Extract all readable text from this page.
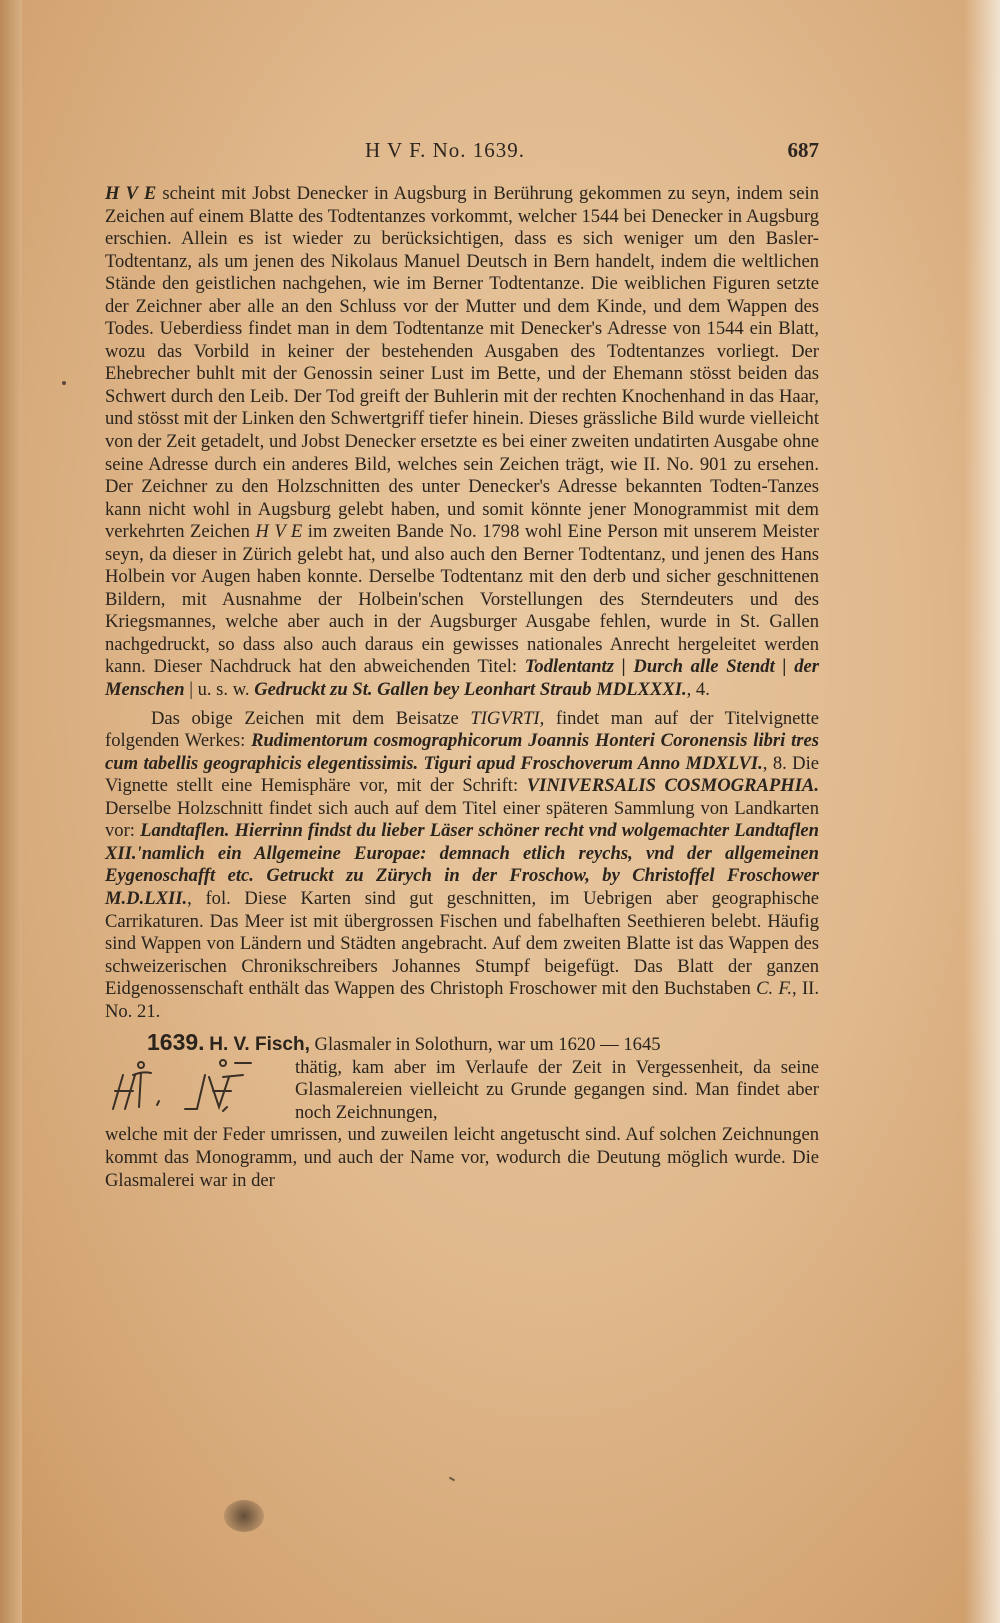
H V F. No. 1639.	687

H V E scheint mit Jobst Denecker in Augsburg in Berührung gekommen zu seyn, indem sein Zeichen auf einem Blatte des Todtentanzes vorkommt, welcher 1544 bei Denecker in Augsburg erschien. Allein es ist wieder zu berücksichtigen, dass es sich weniger um den Basler-Todtentanz, als um jenen des Nikolaus Manuel Deutsch in Bern handelt, indem die weltlichen Stände den geistlichen nachgehen, wie im Berner Todtentanze. Die weiblichen Figuren setzte der Zeichner aber alle an den Schluss vor der Mutter und dem Kinde, und dem Wappen des Todes. Ueberdiess findet man in dem Todtentanze mit Denecker's Adresse von 1544 ein Blatt, wozu das Vorbild in keiner der bestehenden Ausgaben des Todtentanzes vorliegt. Der Ehebrecher buhlt mit der Genossin seiner Lust im Bette, und der Ehemann stösst beiden das Schwert durch den Leib. Der Tod greift der Buhlerin mit der rechten Knochenhand in das Haar, und stösst mit der Linken den Schwertgriff tiefer hinein. Dieses grässliche Bild wurde vielleicht von der Zeit getadelt, und Jobst Denecker ersetzte es bei einer zweiten undatirten Ausgabe ohne seine Adresse durch ein anderes Bild, welches sein Zeichen trägt, wie II. No. 901 zu ersehen. Der Zeichner zu den Holzschnitten des unter Denecker's Adresse bekannten Todten-Tanzes kann nicht wohl in Augsburg gelebt haben, und somit könnte jener Monogrammist mit dem verkehrten Zeichen H V E im zweiten Bande No. 1798 wohl Eine Person mit unserem Meister seyn, da dieser in Zürich gelebt hat, und also auch den Berner Todtentanz, und jenen des Hans Holbein vor Augen haben konnte. Derselbe Todtentanz mit den derb und sicher geschnittenen Bildern, mit Ausnahme der Holbein'schen Vorstellungen des Sterndeuters und des Kriegsmannes, welche aber auch in der Augsburger Ausgabe fehlen, wurde in St. Gallen nachgedruckt, so dass also auch daraus ein gewisses nationales Anrecht hergeleitet werden kann. Dieser Nachdruck hat den abweichenden Titel: Todlentantz | Durch alle Stendt | der Menschen | u. s. w. Gedruckt zu St. Gallen bey Leonhart Straub MDLXXXI., 4.

Das obige Zeichen mit dem Beisatze TIGVRTI, findet man auf der Titelvignette folgenden Werkes: Rudimentorum cosmographicorum Joannis Honteri Coronensis libri tres cum tabellis geographicis elegentissimis. Tiguri apud Froschoverum Anno MDXLVI., 8. Die Vignette stellt eine Hemisphäre vor, mit der Schrift: VINIVERSALIS COSMOGRAPHIA. Derselbe Holzschnitt findet sich auch auf dem Titel einer späteren Sammlung von Landkarten vor: Landtaflen. Hierrinn findst du lieber Läser schöner recht vnd wolgemachter Landtaflen XII.'namlich ein Allgemeine Europae: demnach etlich reychs, vnd der allgemeinen Eygenoschafft etc. Getruckt zu Zürych in der Froschow, by Christoffel Froschower M.D.LXII., fol. Diese Karten sind gut geschnitten, im Uebrigen aber geographische Carrikaturen. Das Meer ist mit übergrossen Fischen und fabelhaften Seethieren belebt. Häufig sind Wappen von Ländern und Städten angebracht. Auf dem zweiten Blatte ist das Wappen des schweizerischen Chronikschreibers Johannes Stumpf beigefügt. Das Blatt der ganzen Eidgenossenschaft enthält das Wappen des Christoph Froschower mit den Buchstaben C. F., II. No. 21.

1639. H. V. Fisch, Glasmaler in Solothurn, war um 1620 — 1645
thätig, kam aber im Verlaufe der Zeit in Vergessenheit, da seine Glasmalereien vielleicht zu Grunde gegangen sind. Man findet aber noch Zeichnungen,

welche mit der Feder umrissen, und zuweilen leicht angetuscht sind. Auf solchen Zeichnungen kommt das Monogramm, und auch der Name vor, wodurch die Deutung möglich wurde. Die Glasmalerei war in der
